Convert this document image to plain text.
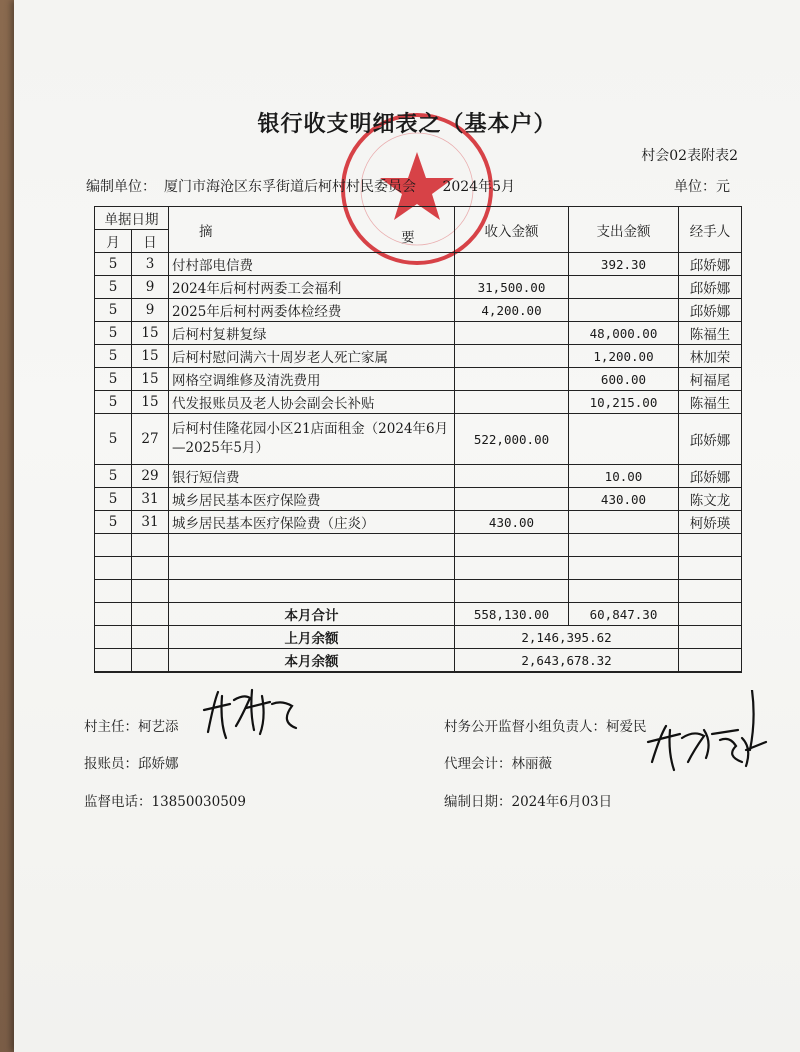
银行收支明细表之（基本户）
村会02表附表2
编制单位： 厦门市海沧区东孚街道后柯村村民委员会 2024年5月	单位：元
单据日期		摘 要	收入金额	支出金额	经手人
月	日				
5	3	付村部电信费		392.30	邱娇娜
5	9	2024年后柯村两委工会福利	31,500.00		邱娇娜
5	9	2025年后柯村两委体检经费	4,200.00		邱娇娜
5	15	后柯村复耕复绿		48,000.00	陈福生
5	15	后柯村慰问满六十周岁老人死亡家属		1,200.00	林加荣
5	15	网格空调维修及清洗费用		600.00	柯福尾
5	15	代发报账员及老人协会副会长补贴		10,215.00	陈福生
5	27	后柯村佳隆花园小区21店面租金（2024年6月—2025年5月）	522,000.00		邱娇娜
5	29	银行短信费		10.00	邱娇娜
5	31	城乡居民基本医疗保险费		430.00	陈文龙
5	31	城乡居民基本医疗保险费（庄炎）	430.00		柯娇瑛

		本月合计	558,130.00	60,847.30	
		上月余额	2,146,395.62		
		本月余额	2,643,678.32		
村主任：柯艺添	村务公开监督小组负责人：柯爱民
报账员：邱娇娜	代理会计：林丽薇
监督电话：13850030509	编制日期：2024年6月03日
